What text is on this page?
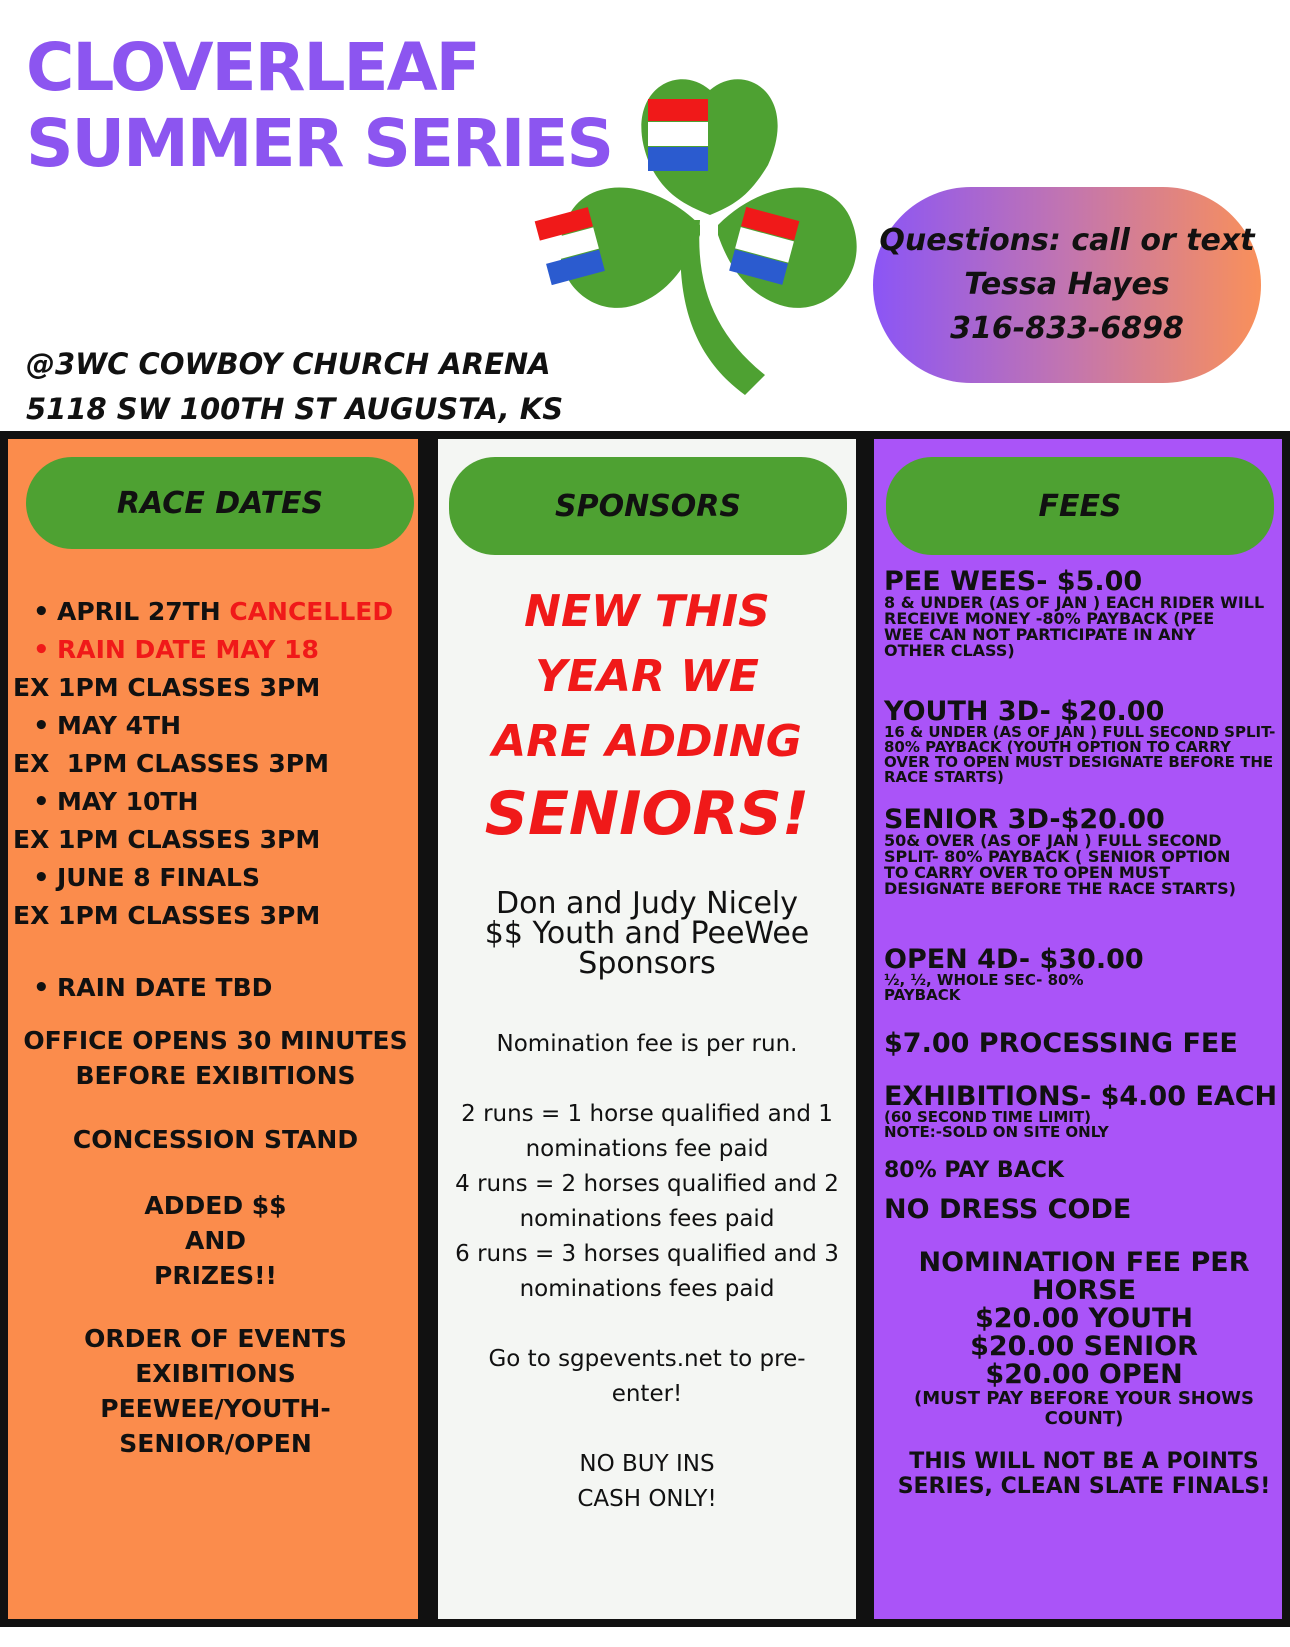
CLOVERLEAF
SUMMER SERIES
Questions: call or text
Tessa Hayes
316-833-6898
@3WC COWBOY CHURCH ARENA
5118 SW 100TH ST AUGUSTA, KS
RACE DATES
• APRIL 27TH CANCELLED
• RAIN DATE MAY 18
EX 1PM CLASSES 3PM
• MAY 4TH
EX  1PM CLASSES 3PM
• MAY 10TH
EX 1PM CLASSES 3PM
• JUNE 8 FINALS
EX 1PM CLASSES 3PM
• RAIN DATE TBD
OFFICE OPENS 30 MINUTES
BEFORE EXIBITIONS
CONCESSION STAND
ADDED $$
AND
PRIZES!!
ORDER OF EVENTS
EXIBITIONS
PEEWEE/YOUTH-
SENIOR/OPEN
SPONSORS
NEW THIS
YEAR WE
ARE ADDING
SENIORS!
Don and Judy Nicely
$$ Youth and PeeWee
Sponsors

Nomination fee is per run.

2 runs = 1 horse qualified and 1

nominations fee paid

4 runs = 2 horses qualified and 2

nominations fees paid

6 runs = 3 horses qualified and 3

nominations fees paid

Go to sgpevents.net to pre-

enter!

NO BUY INS

CASH ONLY!

FEES
PEE WEES- $5.00
8 & UNDER (AS OF JAN ) EACH RIDER WILL
RECEIVE MONEY -80% PAYBACK (PEE
WEE CAN NOT PARTICIPATE IN ANY
OTHER CLASS)
YOUTH 3D- $20.00
16 & UNDER (AS OF JAN ) FULL SECOND SPLIT-
80% PAYBACK (YOUTH OPTION TO CARRY
OVER TO OPEN MUST DESIGNATE BEFORE THE
RACE STARTS)
SENIOR 3D-$20.00
50& OVER (AS OF JAN ) FULL SECOND
SPLIT- 80% PAYBACK ( SENIOR OPTION
TO CARRY OVER TO OPEN MUST
DESIGNATE BEFORE THE RACE STARTS)
OPEN 4D- $30.00
½, ½, WHOLE SEC- 80%
PAYBACK
$7.00 PROCESSING FEE
EXHIBITIONS- $4.00 EACH
(60 SECOND TIME LIMIT)
NOTE:-SOLD ON SITE ONLY
80% PAY BACK
NO DRESS CODE
NOMINATION FEE PER
HORSE
$20.00 YOUTH
$20.00 SENIOR
$20.00 OPEN
(MUST PAY BEFORE YOUR SHOWS
COUNT)
THIS WILL NOT BE A POINTS
SERIES, CLEAN SLATE FINALS!
